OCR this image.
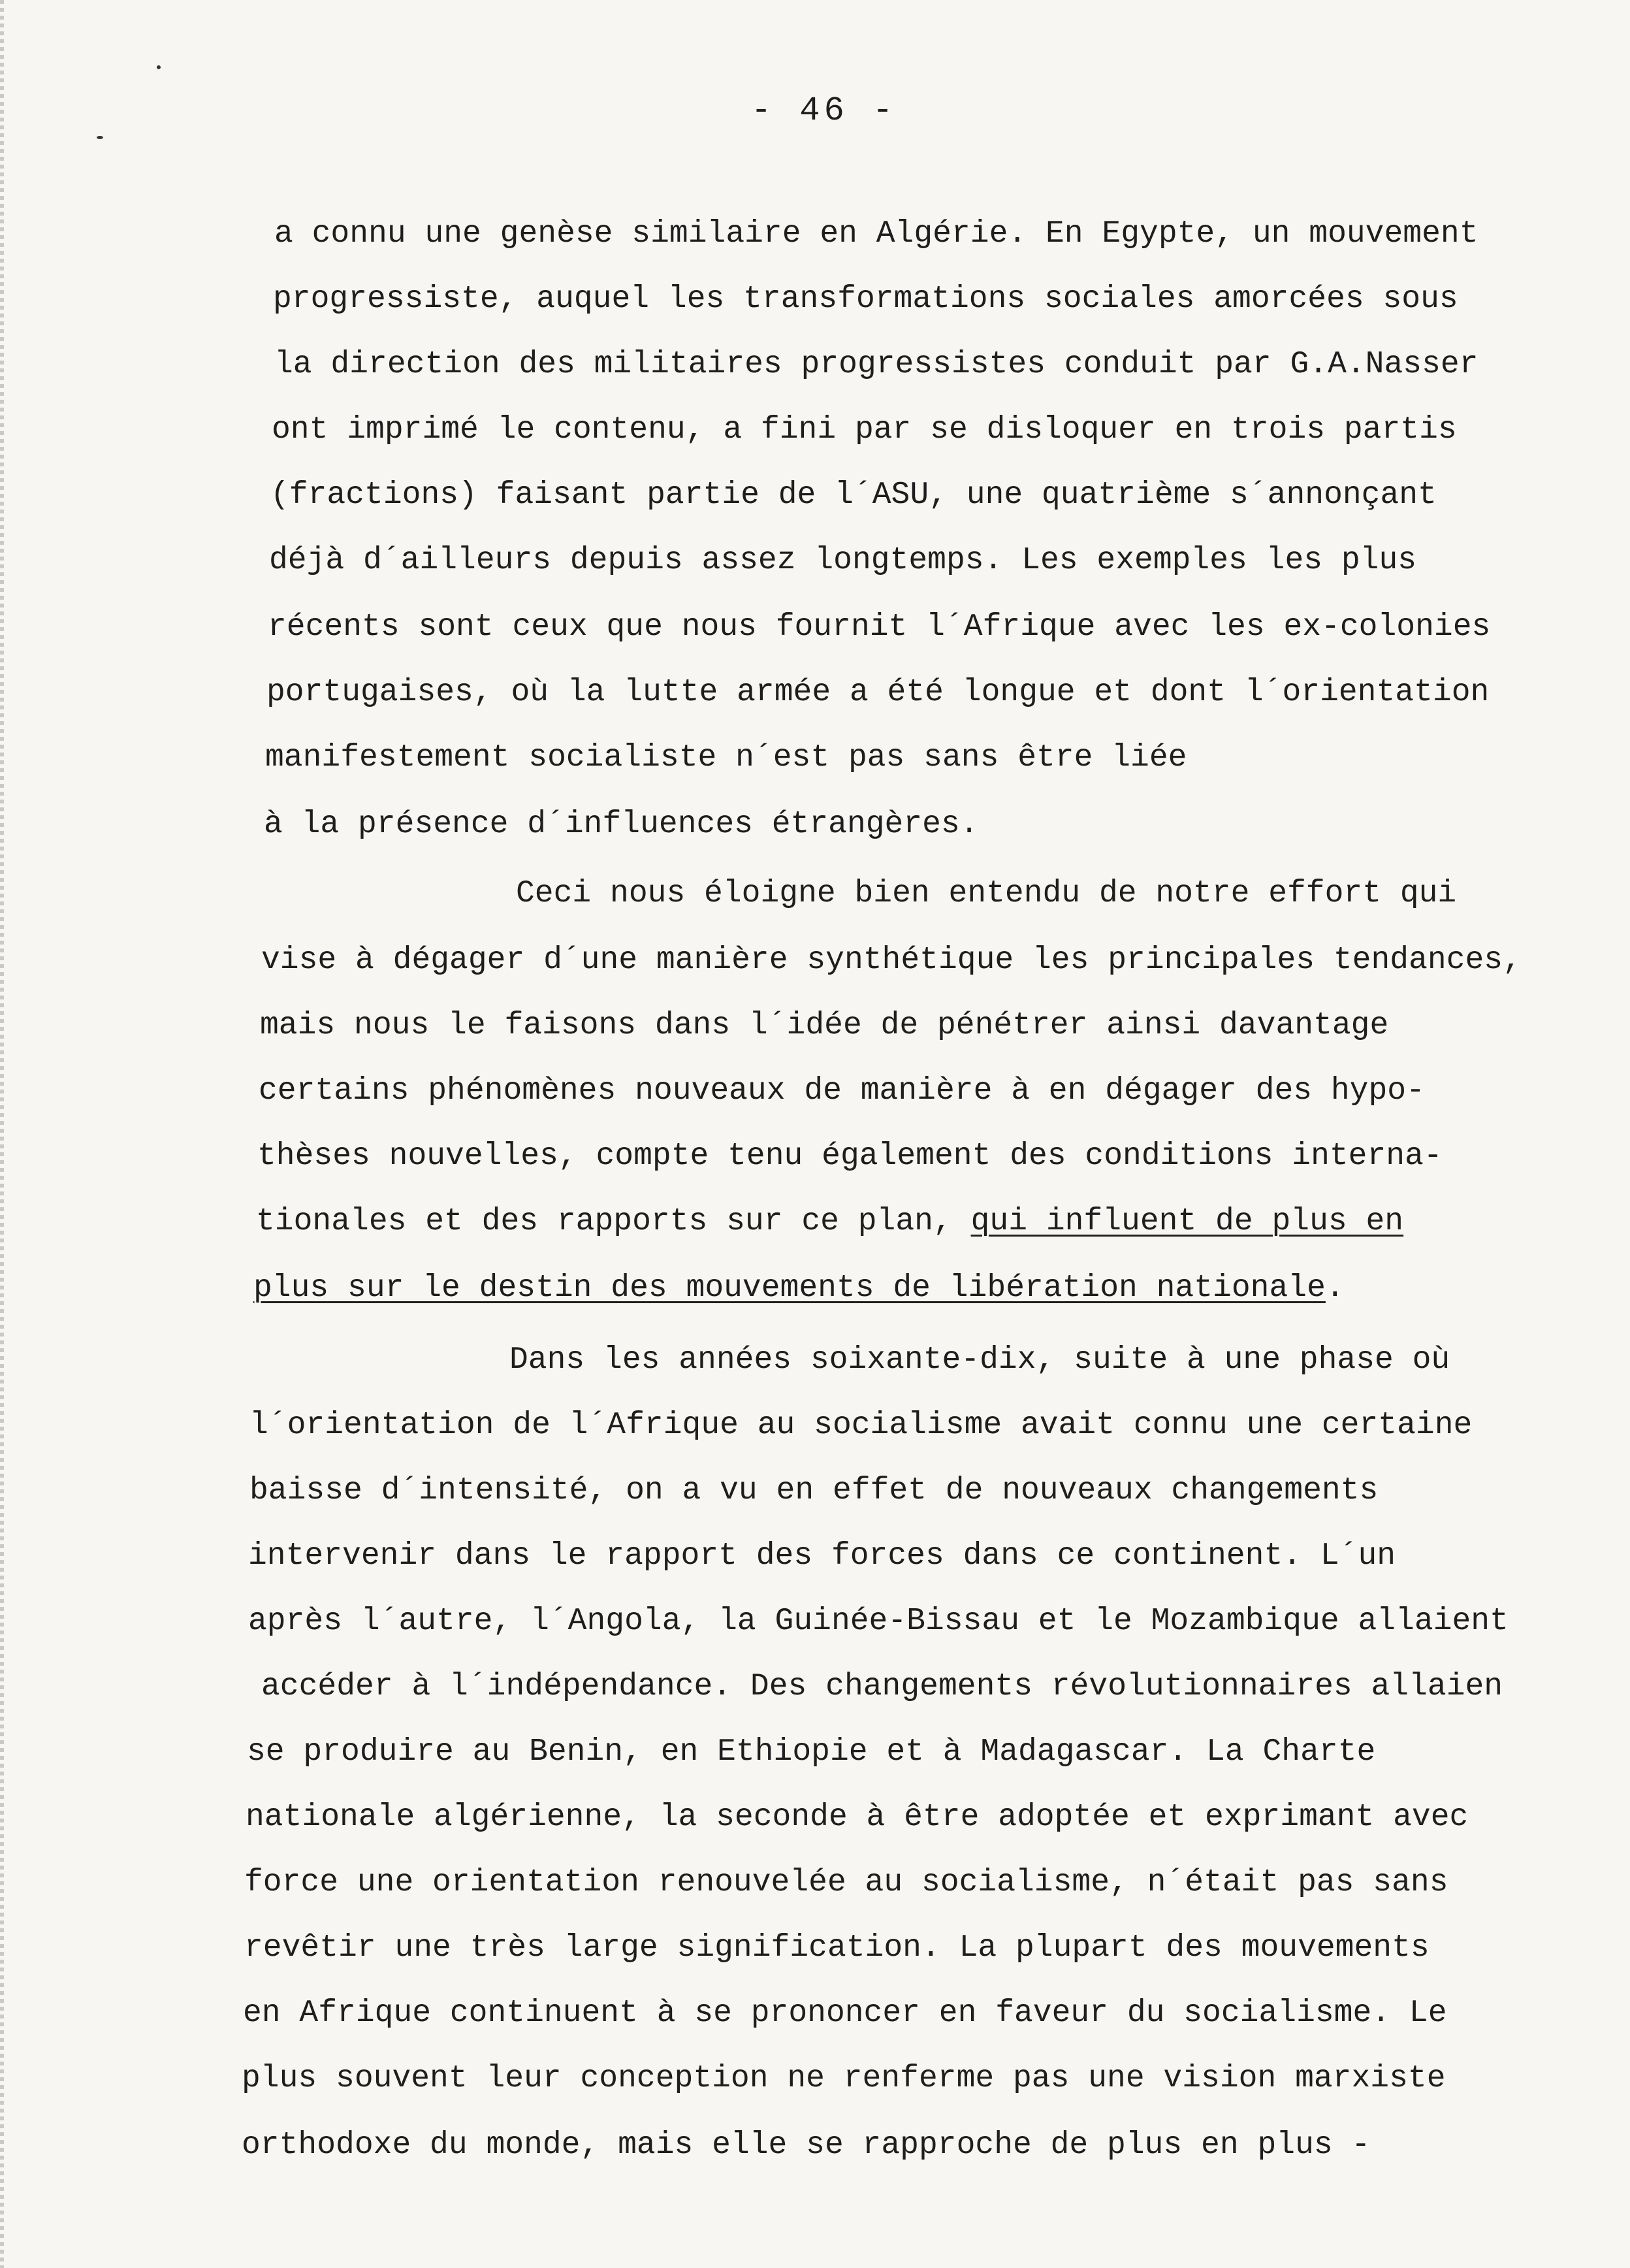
- 46 -
a connu une genèse similaire en Algérie. En Egypte, un mouvement
progressiste, auquel les transformations sociales amorcées sous
la direction des militaires progressistes conduit par G.A.Nasser
ont imprimé le contenu, a fini par se disloquer en trois partis
(fractions) faisant partie de l´ASU, une quatrième s´annonçant
déjà d´ailleurs depuis assez longtemps. Les exemples les plus
récents sont ceux que nous fournit l´Afrique avec les ex-colonies
portugaises, où la lutte armée a été longue et dont l´orientation
manifestement socialiste n´est pas sans être liée
à la présence d´influences étrangères.
Ceci nous éloigne bien entendu de notre effort qui
vise à dégager d´une manière synthétique les principales tendances,
mais nous le faisons dans l´idée de pénétrer ainsi davantage
certains phénomènes nouveaux de manière à en dégager des hypo-
thèses nouvelles, compte tenu également des conditions interna-
tionales et des rapports sur ce plan, qui influent de plus en
plus sur le destin des mouvements de libération nationale.
Dans les années soixante-dix, suite à une phase où
l´orientation de l´Afrique au socialisme avait connu une certaine
baisse d´intensité, on a vu en effet de nouveaux changements
intervenir dans le rapport des forces dans ce continent. L´un
après l´autre, l´Angola, la Guinée-Bissau et le Mozambique allaient
accéder à l´indépendance. Des changements révolutionnaires allaien
se produire au Benin, en Ethiopie et à Madagascar. La Charte
nationale algérienne, la seconde à être adoptée et exprimant avec
force une orientation renouvelée au socialisme, n´était pas sans
revêtir une très large signification. La plupart des mouvements
en Afrique continuent à se prononcer en faveur du socialisme. Le
plus souvent leur conception ne renferme pas une vision marxiste
orthodoxe du monde, mais elle se rapproche de plus en plus -
